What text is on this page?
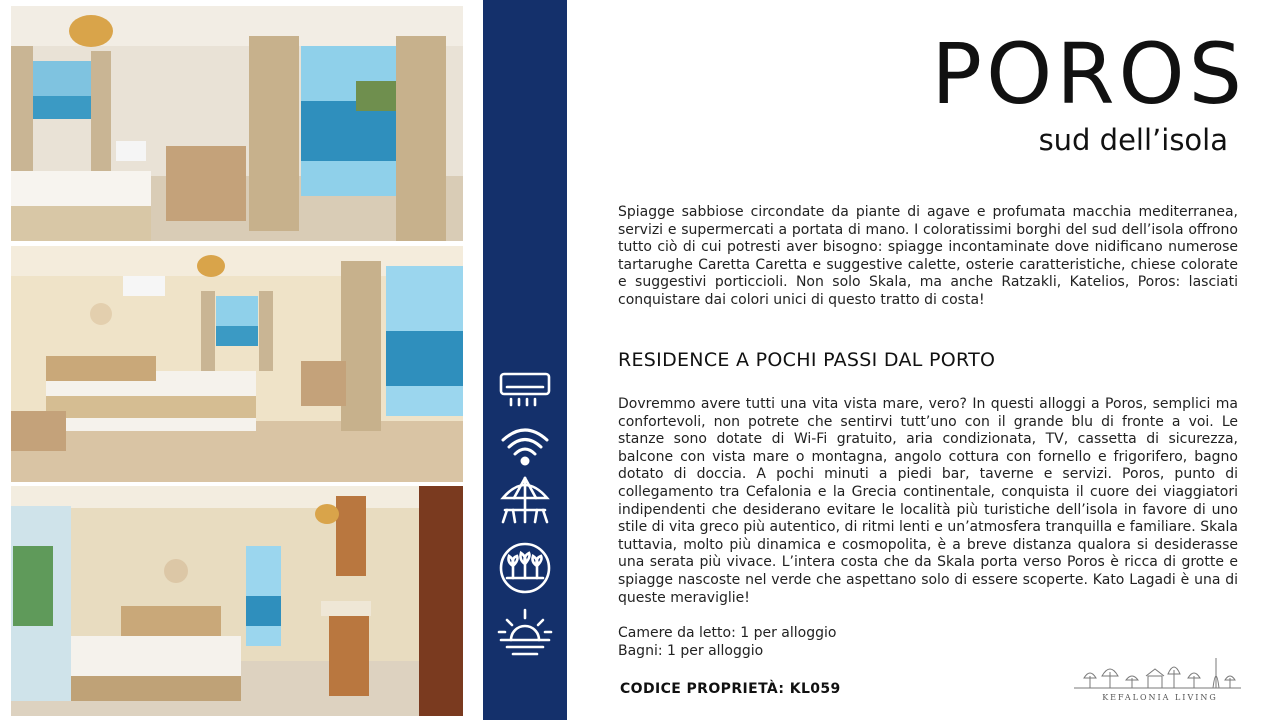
POROS
sud dell’isola

Spiagge sabbiose circondate da piante di agave e profumata macchia mediterranea, servizi e supermercati a portata di mano. I coloratissimi borghi del sud dell’isola offrono tutto ciò di cui potresti aver bisogno: spiagge incontaminate dove nidificano numerose tartarughe Caretta Caretta e suggestive calette, osterie caratteristiche, chiese colorate e suggestivi porticcioli. Non solo Skala, ma anche Ratzakli, Katelios, Poros: lasciati conquistare dai colori unici di questo tratto di costa!

RESIDENCE A POCHI PASSI DAL PORTO

Dovremmo avere tutti una vita vista mare, vero? In questi alloggi a Poros, semplici ma confortevoli, non potrete che sentirvi tutt’uno con il grande blu di fronte a voi. Le stanze sono dotate di Wi-Fi gratuito, aria condizionata, TV, cassetta di sicurezza, balcone con vista mare o montagna, angolo cottura con fornello e frigorifero, bagno dotato di doccia. A pochi minuti a piedi bar, taverne e servizi. Poros, punto di collegamento tra Cefalonia e la Grecia continentale, conquista il cuore dei viaggiatori indipendenti che desiderano evitare le località più turistiche dell’isola in favore di uno stile di vita greco più autentico, di ritmi lenti e un’atmosfera tranquilla e familiare. Skala tuttavia, molto più dinamica e cosmopolita, è a breve distanza qualora si desiderasse una serata più vivace. L’intera costa che da Skala porta verso Poros è ricca di grotte e spiagge nascoste nel verde che aspettano solo di essere scoperte. Kato Lagadi è una di queste meraviglie!

Camere da letto: 1 per alloggio
Bagni: 1 per alloggio
CODICE PROPRIETÀ: KL059
KEFALONIA LIVING
